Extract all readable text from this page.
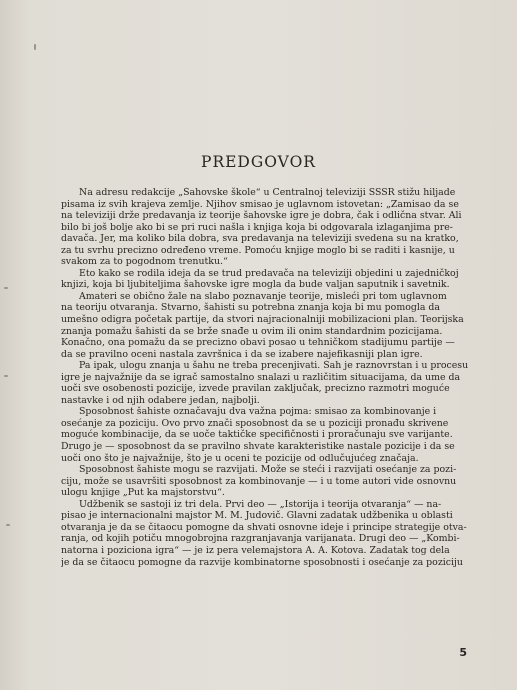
PREDGOVOR
Na adresu redakcije „Šahovske škole“ u Centralnoj televiziji SSSR stižu hiljade
pisama iz svih krajeva zemlje. Njihov smisao je uglavnom istovetan: „Zamisao da se
na televiziji drže predavanja iz teorije šahovske igre je dobra, čak i odlična stvar. Ali
bilo bi još bolje ako bi se pri ruci našla i knjiga koja bi odgovarala izlaganjima pre-
davača. Jer, ma koliko bila dobra, sva predavanja na televiziji svedena su na kratko,
za tu svrhu precizno određeno vreme. Pomoću knjige moglo bi se raditi i kasnije, u
svakom za to pogodnom trenutku.“
Eto kako se rodila ideja da se trud predavača na televiziji objedini u zajedničkoj
knjizi, koja bi ljubiteljima šahovske igre mogla da bude valjan saputnik i savetnik.
Amateri se obično žale na slabo poznavanje teorije, misleći pri tom uglavnom
na teoriju otvaranja. Stvarno, šahisti su potrebna znanja koja bi mu pomogla da
umešno odigra početak partije, da stvori najracionalniji mobilizacioni plan. Teorijska
znanja pomažu šahisti da se brže snađe u ovim ili onim standardnim pozicijama.
Konačno, ona pomažu da se precizno obavi posao u tehničkom stadijumu partije —
da se pravilno oceni nastala završnica i da se izabere najefikasniji plan igre.
Pa ipak, ulogu znanja u šahu ne treba precenjivati. Šah je raznovrstan i u procesu
igre je najvažnije da se igrač samostalno snalazi u različitim situacijama, da ume da
uoči sve osobenosti pozicije, izvede pravilan zaključak, precizno razmotri moguće
nastavke i od njih odabere jedan, najbolji.
Sposobnost šahiste označavaju dva važna pojma: smisao za kombinovanje i
osećanje za poziciju. Ovo prvo znači sposobnost da se u poziciji pronađu skrivene
moguće kombinacije, da se uoče taktičke specifičnosti i proračunaju sve varijante.
Drugo je — sposobnost da se pravilno shvate karakteristike nastale pozicije i da se
uoči ono što je najvažnije, što je u oceni te pozicije od odlučujućeg značaja.
Sposobnost šahiste mogu se razvijati. Može se steći i razvijati osećanje za pozi-
ciju, može se usavršiti sposobnost za kombinovanje — i u tome autori vide osnovnu
ulogu knjige „Put ka majstorstvu“.
Udžbenik se sastoji iz tri dela. Prvi deo — „Istorija i teorija otvaranja“ — na-
pisao je internacionalni majstor M. M. Judovič. Glavni zadatak udžbenika u oblasti
otvaranja je da se čitaocu pomogne da shvati osnovne ideje i principe strategije otva-
ranja, od kojih potiču mnogobrojna razgranjavanja varijanata. Drugi deo — „Kombi-
natorna i poziciona igra“ — je iz pera velemajstora A. A. Kotova. Zadatak tog dela
je da se čitaocu pomogne da razvije kombinatorne sposobnosti i osećanje za poziciju
5
